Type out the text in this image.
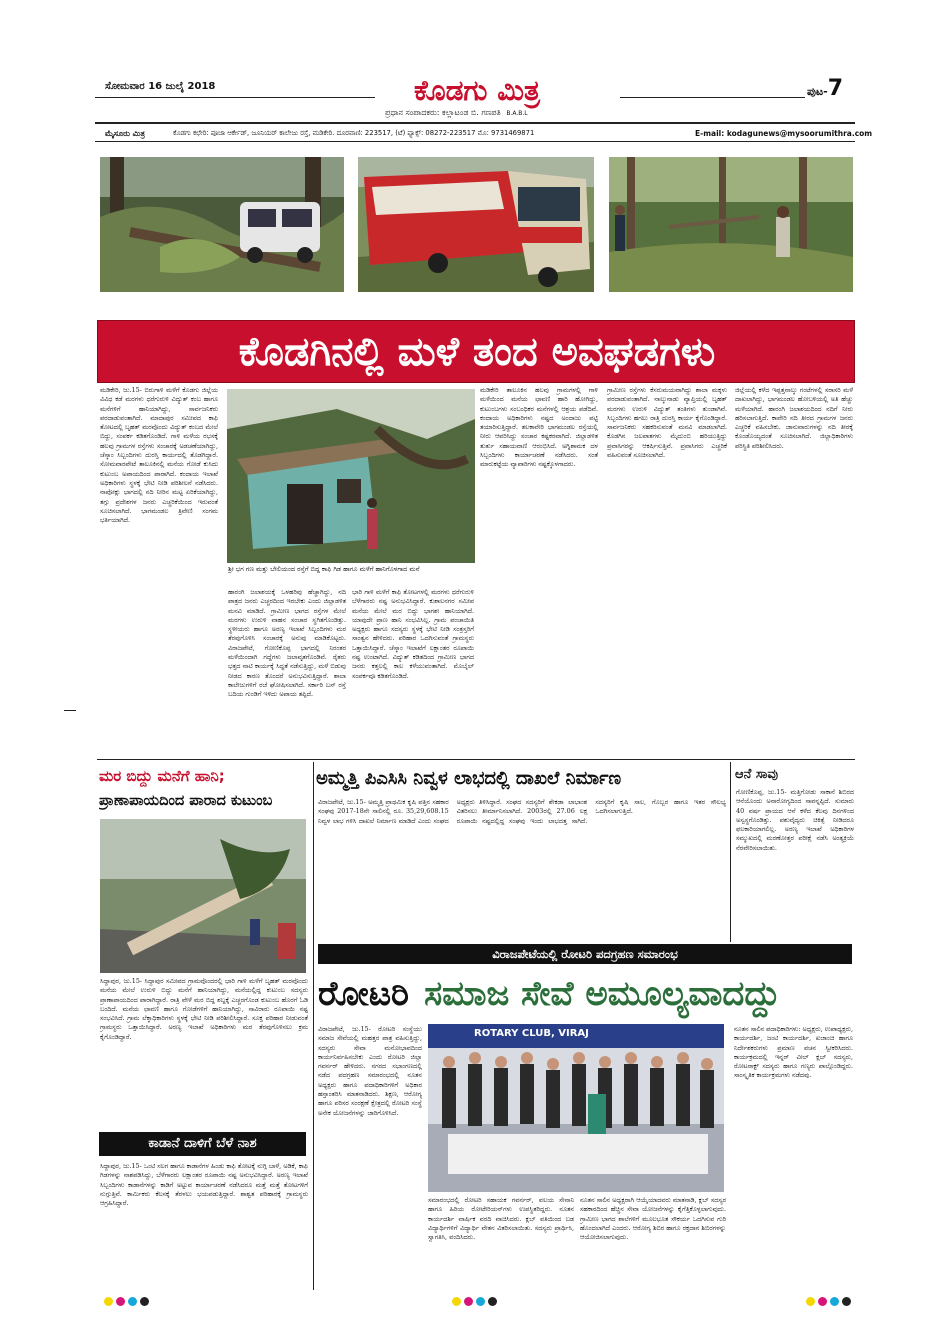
ಸೋಮವಾರ 16 ಜುಲೈ 2018	ಕೊಡಗು ಮಿತ್ರ
ಪ್ರಧಾನ ಸಂಪಾದಕರು: ಕಲ್ಲಾಟಂಡ ಬಿ. ಗಣಪತಿ B.A.B.L
ಪುಟ-7
ಮೈಸೂರು ಮಿತ್ರ	ಕೊಡಗು ಕಛೇರಿ: ಪೂಜಾ ಆರ್ಕೇಡ್, ಜೂನಿಯರ್ ಕಾಲೇಜು ರಸ್ತೆ, ಮಡಿಕೇರಿ. ದೂರವಾಣಿ: 223517, (ಟೆ) ಫ್ಯಾಕ್ಸ್: 08272-223517 ಮೊ: 9731469871	E-mail: kodagunews@mysoorumithra.com
ಕೊಡಗಿನಲ್ಲಿ ಮಳೆ ತಂದ ಅವಘಡಗಳು
ಮಡಿಕೇರಿ, ಜು.15- ಬಿರುಗಾಳಿ ಮಳೆಗೆ ಕೊಡಗು ಜಿಲ್ಲೆಯ ವಿವಿಧ ಕಡೆ ಮರಗಳು ಧರೆಗುರುಳಿ ವಿದ್ಯುತ್ ಕಂಬ ಹಾಗೂ ಮನೆಗಳಿಗೆ ಹಾನಿಯಾಗಿದ್ದು, ಸಾರ್ವಜನಿಕರು ಪರದಾಡುವಂತಾಗಿದೆ. ಮಾದಾಪುರ ಸಮೀಪದ ಕಾಫಿ ತೋಟದಲ್ಲಿ ಬೃಹತ್ ಮರವೊಂದು ವಿದ್ಯುತ್ ಕಂಬದ ಮೇಲೆ ಬಿದ್ದು, ಸಂಪರ್ಕ ಕಡಿತಗೊಂಡಿದೆ. ಗಾಳಿ ಮಳೆಯ ರಭಸಕ್ಕೆ ಹಲವು ಗ್ರಾಮಗಳ ರಸ್ತೆಗಳು ಸಂಚಾರಕ್ಕೆ ಅಡಚಣೆಯಾಗಿದ್ದು, ಚೆಸ್ಕಾಂ ಸಿಬ್ಬಂದಿಗಳು ದುರಸ್ತಿ ಕಾರ್ಯದಲ್ಲಿ ತೊಡಗಿದ್ದಾರೆ. ಸೋಮವಾರಪೇಟೆ ತಾಲೂಕಿನಲ್ಲಿ ಮನೆಯ ಗೋಡೆ ಕುಸಿದು ಕುಟುಂಬ ಅಪಾಯದಿಂದ ಪಾರಾಗಿದೆ. ಕಂದಾಯ ಇಲಾಖೆ ಅಧಿಕಾರಿಗಳು ಸ್ಥಳಕ್ಕೆ ಭೇಟಿ ನೀಡಿ ಪರಿಶೀಲನೆ ನಡೆಸಿದರು. ನಾಪೋಕ್ಲು ಭಾಗದಲ್ಲಿ ನದಿ ನೀರಿನ ಮಟ್ಟ ಏರಿಕೆಯಾಗಿದ್ದು, ತಗ್ಗು ಪ್ರದೇಶಗಳ ಜನರು ಎಚ್ಚರಿಕೆಯಿಂದ ಇರುವಂತೆ ಸೂಚಿಸಲಾಗಿದೆ. ಭಾಗಮಂಡಲ ತ್ರಿವೇಣಿ ಸಂಗಮ ಭರ್ತಿಯಾಗಿದೆ.
ಶ್ರೀ ಭಗ ಗಣ ಮತ್ತು ಬೇಲಿಯಂದ ರಸ್ತೆಗೆ ಬಿದ್ದ ಕಾಫಿ ಗಿಡ ಹಾಗೂ ಮಳೆಗೆ ಹಾನಿಗೊಳಗಾದ ಮನೆ
ಹಾರಂಗಿ ಜಲಾಶಯಕ್ಕೆ ಒಳಹರಿವು ಹೆಚ್ಚಾಗಿದ್ದು, ನದಿ ಪಾತ್ರದ ಜನರು ಎಚ್ಚರದಿಂದ ಇರಬೇಕು ಎಂದು ಜಿಲ್ಲಾಡಳಿತ ಮನವಿ ಮಾಡಿದೆ. ಗ್ರಾಮೀಣ ಭಾಗದ ರಸ್ತೆಗಳ ಮೇಲೆ ಮರಗಳು ಉರುಳಿ ವಾಹನ ಸಂಚಾರ ಸ್ಥಗಿತಗೊಂಡಿತ್ತು. ಸ್ಥಳೀಯರು ಹಾಗೂ ಅರಣ್ಯ ಇಲಾಖೆ ಸಿಬ್ಬಂದಿಗಳು ಮರ ತೆರವುಗೊಳಿಸಿ ಸಂಚಾರಕ್ಕೆ ಅನುವು ಮಾಡಿಕೊಟ್ಟರು. ವಿರಾಜಪೇಟೆ, ಗೋಣಿಕೊಪ್ಪ ಭಾಗದಲ್ಲಿ ನಿರಂತರ ಮಳೆಯಿಂದಾಗಿ ಗದ್ದೆಗಳು ಜಲಾವೃತಗೊಂಡಿವೆ. ರೈತರು ಭತ್ತದ ನಾಟಿ ಕಾರ್ಯಕ್ಕೆ ಸಿದ್ಧತೆ ನಡೆಸುತ್ತಿದ್ದು, ಮಳೆ ಬಿಡುವು ನೀಡದ ಕಾರಣ ತೊಂದರೆ ಅನುಭವಿಸುತ್ತಿದ್ದಾರೆ. ಶಾಲಾ ಕಾಲೇಜುಗಳಿಗೆ ರಜೆ ಘೋಷಿಸಲಾಗಿದೆ. ಸರ್ಕಾರಿ ಬಸ್ ರಸ್ತೆ ಬದಿಯ ಗುಂಡಿಗೆ ಇಳಿದು ಅಪಾಯ ತಪ್ಪಿದೆ.
ಭಾರಿ ಗಾಳಿ ಮಳೆಗೆ ಕಾಫಿ ತೋಟಗಳಲ್ಲಿ ಮರಗಳು ಧರೆಗುರುಳಿ ಬೆಳೆಗಾರರು ನಷ್ಟ ಅನುಭವಿಸಿದ್ದಾರೆ. ಕುಶಾಲನಗರ ಸಮೀಪ ಮನೆಯ ಮೇಲೆ ಮರ ಬಿದ್ದು ಭಾಗಶಃ ಹಾನಿಯಾಗಿದೆ. ಯಾವುದೇ ಪ್ರಾಣ ಹಾನಿ ಸಂಭವಿಸಿಲ್ಲ. ಗ್ರಾಮ ಪಂಚಾಯಿತಿ ಅಧ್ಯಕ್ಷರು ಹಾಗೂ ಸದಸ್ಯರು ಸ್ಥಳಕ್ಕೆ ಭೇಟಿ ನೀಡಿ ಸಂತ್ರಸ್ತರಿಗೆ ಸಾಂತ್ವನ ಹೇಳಿದರು. ಪರಿಹಾರ ಒದಗಿಸುವಂತೆ ಗ್ರಾಮಸ್ಥರು ಒತ್ತಾಯಿಸಿದ್ದಾರೆ. ಚೆಸ್ಕಾಂ ಇಲಾಖೆಗೆ ಲಕ್ಷಾಂತರ ರೂಪಾಯಿ ನಷ್ಟ ಉಂಟಾಗಿದೆ. ವಿದ್ಯುತ್ ಕಡಿತದಿಂದ ಗ್ರಾಮೀಣ ಭಾಗದ ಜನರು ಕತ್ತಲಲ್ಲಿ ಕಾಲ ಕಳೆಯುವಂತಾಗಿದೆ. ಮೊಬೈಲ್ ಸಂಪರ್ಕವೂ ಕಡಿತಗೊಂಡಿದೆ.
ಮಡಿಕೇರಿ ತಾಲೂಕಿನ ಹಲವು ಗ್ರಾಮಗಳಲ್ಲಿ ಗಾಳಿ ಮಳೆಯಿಂದ ಮನೆಯ ಛಾವಣಿ ಹಾರಿ ಹೋಗಿದ್ದು, ಕುಟುಂಬಗಳು ಸಂಬಂಧಿಕರ ಮನೆಗಳಲ್ಲಿ ಆಶ್ರಯ ಪಡೆದಿವೆ. ಕಂದಾಯ ಅಧಿಕಾರಿಗಳು ನಷ್ಟದ ಅಂದಾಜು ಪಟ್ಟಿ ತಯಾರಿಸುತ್ತಿದ್ದಾರೆ. ತಲಕಾವೇರಿ ಭಾಗಮಂಡಲ ರಸ್ತೆಯಲ್ಲಿ ನೀರು ಆವರಿಸಿದ್ದು ಸಂಚಾರ ಕಷ್ಟಕರವಾಗಿದೆ. ಜಿಲ್ಲಾಡಳಿತ ತುರ್ತು ಸಹಾಯವಾಣಿ ಆರಂಭಿಸಿದೆ. ಅಗ್ನಿಶಾಮಕ ದಳ ಸಿಬ್ಬಂದಿಗಳು ಕಾರ್ಯಾಚರಣೆ ನಡೆಸಿದರು. ಸಂತೆ ಮಾರುಕಟ್ಟೆಯ ವ್ಯಾಪಾರಿಗಳು ನಷ್ಟಕ್ಕೊಳಗಾದರು.
ಗ್ರಾಮೀಣ ರಸ್ತೆಗಳು ಕೆಸರುಮಯವಾಗಿದ್ದು ಶಾಲಾ ಮಕ್ಕಳು ಪರದಾಡುವಂತಾಗಿದೆ. ನಾಲ್ಕುನಾಡು ವ್ಯಾಪ್ತಿಯಲ್ಲಿ ಬೃಹತ್ ಮರಗಳು ಉರುಳಿ ವಿದ್ಯುತ್ ತಂತಿಗಳು ತುಂಡಾಗಿವೆ. ಸಿಬ್ಬಂದಿಗಳು ಹಗಲು ರಾತ್ರಿ ದುರಸ್ತಿ ಕಾರ್ಯ ಕೈಗೊಂಡಿದ್ದಾರೆ. ಸಾರ್ವಜನಿಕರು ಸಹಕರಿಸುವಂತೆ ಮನವಿ ಮಾಡಲಾಗಿದೆ. ಕೊಡಗಿನ ಜಲಪಾತಗಳು ಮೈದುಂಬಿ ಹರಿಯುತ್ತಿದ್ದು ಪ್ರವಾಸಿಗರನ್ನು ಆಕರ್ಷಿಸುತ್ತಿವೆ. ಪ್ರವಾಸಿಗರು ಎಚ್ಚರಿಕೆ ವಹಿಸುವಂತೆ ಸೂಚಿಸಲಾಗಿದೆ.
ಜಿಲ್ಲೆಯಲ್ಲಿ ಕಳೆದ ಇಪ್ಪತ್ತನಾಲ್ಕು ಗಂಟೆಗಳಲ್ಲಿ ಸರಾಸರಿ ಮಳೆ ದಾಖಲಾಗಿದ್ದು, ಭಾಗಮಂಡಲ ಹೋಬಳಿಯಲ್ಲಿ ಅತಿ ಹೆಚ್ಚು ಮಳೆಯಾಗಿದೆ. ಹಾರಂಗಿ ಜಲಾಶಯದಿಂದ ನದಿಗೆ ನೀರು ಹರಿಸಲಾಗುತ್ತಿದೆ. ಕಾವೇರಿ ನದಿ ತೀರದ ಗ್ರಾಮಗಳ ಜನರು ಎಚ್ಚರಿಕೆ ವಹಿಸಬೇಕು. ಜಾನುವಾರುಗಳನ್ನು ನದಿ ತೀರಕ್ಕೆ ಕೊಂಡೊಯ್ಯದಂತೆ ಸೂಚಿಸಲಾಗಿದೆ. ಜಿಲ್ಲಾಧಿಕಾರಿಗಳು ಪರಿಸ್ಥಿತಿ ಪರಿಶೀಲಿಸಿದರು.
ಮರ ಬಿದ್ದು ಮನೆಗೆ ಹಾನಿ;
ಪ್ರಾಣಾಪಾಯದಿಂದ ಪಾರಾದ ಕುಟುಂಬ
ಸಿದ್ದಾಪುರ, ಜು.15- ಸಿದ್ದಾಪುರ ಸಮೀಪದ ಗ್ರಾಮವೊಂದರಲ್ಲಿ ಭಾರಿ ಗಾಳಿ ಮಳೆಗೆ ಬೃಹತ್ ಮರವೊಂದು ಮನೆಯ ಮೇಲೆ ಉರುಳಿ ಬಿದ್ದು ಮನೆಗೆ ಹಾನಿಯಾಗಿದ್ದು, ಮನೆಯಲ್ಲಿದ್ದ ಕುಟುಂಬ ಸದಸ್ಯರು ಪ್ರಾಣಾಪಾಯದಿಂದ ಪಾರಾಗಿದ್ದಾರೆ. ರಾತ್ರಿ ವೇಳೆ ಮರ ಬಿದ್ದ ಶಬ್ದಕ್ಕೆ ಎಚ್ಚರಗೊಂಡ ಕುಟುಂಬ ಹೊರಗೆ ಓಡಿ ಬಂದಿದೆ. ಮನೆಯ ಛಾವಣಿ ಹಾಗೂ ಗೋಡೆಗಳಿಗೆ ಹಾನಿಯಾಗಿದ್ದು, ಸಾವಿರಾರು ರೂಪಾಯಿ ನಷ್ಟ ಸಂಭವಿಸಿದೆ. ಗ್ರಾಮ ಲೆಕ್ಕಾಧಿಕಾರಿಗಳು ಸ್ಥಳಕ್ಕೆ ಭೇಟಿ ನೀಡಿ ಪರಿಶೀಲಿಸಿದ್ದಾರೆ. ಸೂಕ್ತ ಪರಿಹಾರ ನೀಡುವಂತೆ ಗ್ರಾಮಸ್ಥರು ಒತ್ತಾಯಿಸಿದ್ದಾರೆ. ಅರಣ್ಯ ಇಲಾಖೆ ಅಧಿಕಾರಿಗಳು ಮರ ತೆರವುಗೊಳಿಸಲು ಕ್ರಮ ಕೈಗೊಂಡಿದ್ದಾರೆ.
ಕಾಡಾನೆ ದಾಳಿಗೆ ಬೆಳೆ ನಾಶ
ಸಿದ್ದಾಪುರ, ಜು.15- ಒಂಟಿ ಸಲಗ ಹಾಗೂ ಕಾಡಾನೆಗಳ ಹಿಂಡು ಕಾಫಿ ತೋಟಕ್ಕೆ ನುಗ್ಗಿ ಬಾಳೆ, ಅಡಿಕೆ, ಕಾಫಿ ಗಿಡಗಳನ್ನು ನಾಶಪಡಿಸಿದ್ದು, ಬೆಳೆಗಾರರು ಲಕ್ಷಾಂತರ ರೂಪಾಯಿ ನಷ್ಟ ಅನುಭವಿಸಿದ್ದಾರೆ. ಅರಣ್ಯ ಇಲಾಖೆ ಸಿಬ್ಬಂದಿಗಳು ಕಾಡಾನೆಗಳನ್ನು ಕಾಡಿಗೆ ಅಟ್ಟುವ ಕಾರ್ಯಾಚರಣೆ ನಡೆಸಿದರೂ ಮತ್ತೆ ಮತ್ತೆ ತೋಟಗಳಿಗೆ ನುಗ್ಗುತ್ತಿವೆ. ಕಾರ್ಮಿಕರು ಕೆಲಸಕ್ಕೆ ತೆರಳಲು ಭಯಪಡುತ್ತಿದ್ದಾರೆ. ಶಾಶ್ವತ ಪರಿಹಾರಕ್ಕೆ ಗ್ರಾಮಸ್ಥರು ಆಗ್ರಹಿಸಿದ್ದಾರೆ.
ಅಮ್ಮತ್ತಿ ಪಿಎಸಿಸಿ ನಿವ್ವಳ ಲಾಭದಲ್ಲಿ ದಾಖಲೆ ನಿರ್ಮಾಣ
ವಿರಾಜಪೇಟೆ, ಜು.15- ಅಮ್ಮತ್ತಿ ಪ್ರಾಥಮಿಕ ಕೃಷಿ ಪತ್ತಿನ ಸಹಕಾರ ಸಂಘವು 2017-18ನೇ ಸಾಲಿನಲ್ಲಿ ರೂ. 35,29,608.15 ನಿವ್ವಳ ಲಾಭ ಗಳಿಸಿ ದಾಖಲೆ ನಿರ್ಮಾಣ ಮಾಡಿದೆ ಎಂದು ಸಂಘದ ಅಧ್ಯಕ್ಷರು ತಿಳಿಸಿದ್ದಾರೆ. ಸಂಘದ ಸದಸ್ಯರಿಗೆ ಶೇಕಡಾ ಲಾಭಾಂಶ ವಿತರಿಸಲು ತೀರ್ಮಾನಿಸಲಾಗಿದೆ. 2003ರಲ್ಲಿ 27.06 ಲಕ್ಷ ರೂಪಾಯಿ ನಷ್ಟದಲ್ಲಿದ್ದ ಸಂಘವು ಇಂದು ಲಾಭದತ್ತ ಸಾಗಿದೆ. ಸದಸ್ಯರಿಗೆ ಕೃಷಿ ಸಾಲ, ಗೊಬ್ಬರ ಹಾಗೂ ಇತರ ಸೌಲಭ್ಯ ಒದಗಿಸಲಾಗುತ್ತಿದೆ.
ಆನೆ ಸಾವು
ಗೋಣಿಕೊಪ್ಪ, ಜು.15- ಮತ್ತಿಗೋಡು ಸಾಕಾನೆ ಶಿಬಿರದ ಆನೆಯೊಂದು ಅನಾರೋಗ್ಯದಿಂದ ಸಾವನ್ನಪ್ಪಿದೆ. ಸುಮಾರು 40 ವರ್ಷ ಪ್ರಾಯದ ಆನೆ ಕಳೆದ ಕೆಲವು ದಿನಗಳಿಂದ ಅಸ್ವಸ್ಥಗೊಂಡಿತ್ತು. ಪಶುವೈದ್ಯರು ಚಿಕಿತ್ಸೆ ನೀಡಿದರೂ ಫಲಕಾರಿಯಾಗಲಿಲ್ಲ. ಅರಣ್ಯ ಇಲಾಖೆ ಅಧಿಕಾರಿಗಳ ಸಮ್ಮುಖದಲ್ಲಿ ಮರಣೋತ್ತರ ಪರೀಕ್ಷೆ ನಡೆಸಿ ಅಂತ್ಯಕ್ರಿಯೆ ನೆರವೇರಿಸಲಾಯಿತು.
ವಿರಾಜಪೇಟೆಯಲ್ಲಿ ರೋಟರಿ ಪದಗ್ರಹಣ ಸಮಾರಂಭ
ರೋಟರಿ ಸಮಾಜ ಸೇವೆ ಅಮೂಲ್ಯವಾದದ್ದು
ವಿರಾಜಪೇಟೆ, ಜು.15- ರೋಟರಿ ಸಂಸ್ಥೆಯು ಸಮಾಜ ಸೇವೆಯಲ್ಲಿ ಮಹತ್ತರ ಪಾತ್ರ ವಹಿಸುತ್ತಿದ್ದು, ಸದಸ್ಯರು ಸೇವಾ ಮನೋಭಾವದಿಂದ ಕಾರ್ಯನಿರ್ವಹಿಸಬೇಕು ಎಂದು ರೋಟರಿ ಜಿಲ್ಲಾ ಗವರ್ನರ್ ಹೇಳಿದರು. ನಗರದ ಸಭಾಂಗಣದಲ್ಲಿ ನಡೆದ ಪದಗ್ರಹಣ ಸಮಾರಂಭದಲ್ಲಿ ನೂತನ ಅಧ್ಯಕ್ಷರು ಹಾಗೂ ಪದಾಧಿಕಾರಿಗಳಿಗೆ ಅಧಿಕಾರ ಹಸ್ತಾಂತರಿಸಿ ಮಾತನಾಡಿದರು. ಶಿಕ್ಷಣ, ಆರೋಗ್ಯ ಹಾಗೂ ಪರಿಸರ ಸಂರಕ್ಷಣೆ ಕ್ಷೇತ್ರದಲ್ಲಿ ರೋಟರಿ ಸಂಸ್ಥೆ ಅನೇಕ ಯೋಜನೆಗಳನ್ನು ಜಾರಿಗೊಳಿಸಿದೆ.
ROTARY CLUB, VIRAJ
ಸಮಾರಂಭದಲ್ಲಿ ರೋಟರಿ ಸಹಾಯಕ ಗವರ್ನರ್, ವಲಯ ಸೇನಾನಿ ಹಾಗೂ ಹಿರಿಯ ರೋಟೇರಿಯನ್‌ಗಳು ಉಪಸ್ಥಿತರಿದ್ದರು. ನೂತನ ಕಾರ್ಯದರ್ಶಿ ವಾರ್ಷಿಕ ವರದಿ ವಾಚಿಸಿದರು. ಕ್ಲಬ್ ವತಿಯಿಂದ ಬಡ ವಿದ್ಯಾರ್ಥಿಗಳಿಗೆ ವಿದ್ಯಾರ್ಥಿ ವೇತನ ವಿತರಿಸಲಾಯಿತು. ಸದಸ್ಯರು ಪ್ರಾರ್ಥಿಸಿ, ಸ್ವಾಗತಿಸಿ, ವಂದಿಸಿದರು.
ನೂತನ ಸಾಲಿನ ಅಧ್ಯಕ್ಷರಾಗಿ ಆಯ್ಕೆಯಾದವರು ಮಾತನಾಡಿ, ಕ್ಲಬ್ ಸದಸ್ಯರ ಸಹಕಾರದಿಂದ ಹೆಚ್ಚಿನ ಸೇವಾ ಯೋಜನೆಗಳನ್ನು ಕೈಗೆತ್ತಿಕೊಳ್ಳಲಾಗುವುದು. ಗ್ರಾಮೀಣ ಭಾಗದ ಶಾಲೆಗಳಿಗೆ ಮೂಲಭೂತ ಸೌಕರ್ಯ ಒದಗಿಸುವ ಗುರಿ ಹೊಂದಲಾಗಿದೆ ಎಂದರು. ಆರೋಗ್ಯ ಶಿಬಿರ ಹಾಗೂ ರಕ್ತದಾನ ಶಿಬಿರಗಳನ್ನು ಆಯೋಜಿಸಲಾಗುವುದು.
ನೂತನ ಸಾಲಿನ ಪದಾಧಿಕಾರಿಗಳು: ಅಧ್ಯಕ್ಷರು, ಉಪಾಧ್ಯಕ್ಷರು, ಕಾರ್ಯದರ್ಶಿ, ಜಂಟಿ ಕಾರ್ಯದರ್ಶಿ, ಖಜಾಂಚಿ ಹಾಗೂ ನಿರ್ದೇಶಕರುಗಳು ಪ್ರಮಾಣ ವಚನ ಸ್ವೀಕರಿಸಿದರು. ಕಾರ್ಯಕ್ರಮದಲ್ಲಿ ಇನ್ನರ್ ವೀಲ್ ಕ್ಲಬ್ ಸದಸ್ಯರು, ರೋಟರಾಕ್ಟ್ ಸದಸ್ಯರು ಹಾಗೂ ಗಣ್ಯರು ಪಾಲ್ಗೊಂಡಿದ್ದರು. ಸಾಂಸ್ಕೃತಿಕ ಕಾರ್ಯಕ್ರಮಗಳು ನಡೆದವು.
